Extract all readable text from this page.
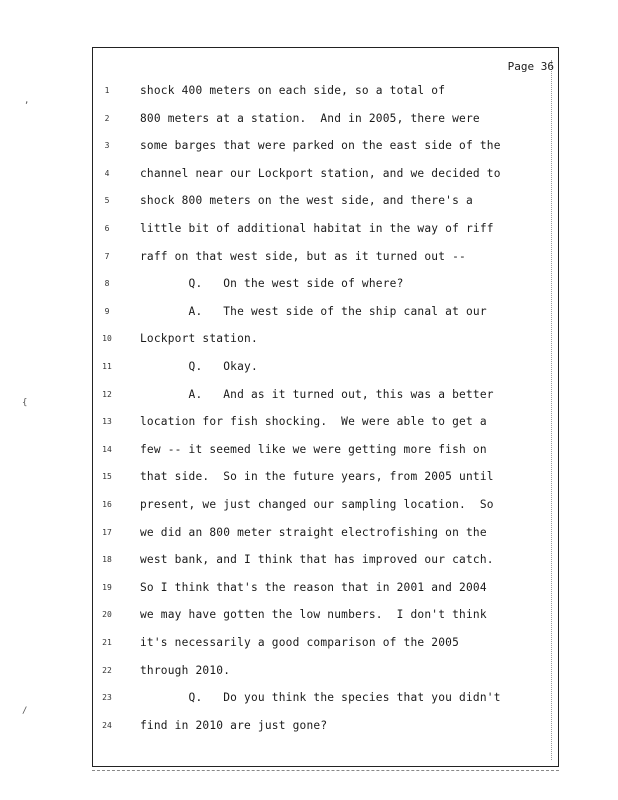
Page 36
,
{
/
1	shock 400 meters on each side, so a total of
2	800 meters at a station.  And in 2005, there were
3	some barges that were parked on the east side of the
4	channel near our Lockport station, and we decided to
5	shock 800 meters on the west side, and there's a
6	little bit of additional habitat in the way of riff
7	raff on that west side, but as it turned out --
8	Q.   On the west side of where?
9	A.   The west side of the ship canal at our
10	Lockport station.
11	Q.   Okay.
12	A.   And as it turned out, this was a better
13	location for fish shocking.  We were able to get a
14	few -- it seemed like we were getting more fish on
15	that side.  So in the future years, from 2005 until
16	present, we just changed our sampling location.  So
17	we did an 800 meter straight electrofishing on the
18	west bank, and I think that has improved our catch.
19	So I think that's the reason that in 2001 and 2004
20	we may have gotten the low numbers.  I don't think
21	it's necessarily a good comparison of the 2005
22	through 2010.
23	Q.   Do you think the species that you didn't
24	find in 2010 are just gone?
